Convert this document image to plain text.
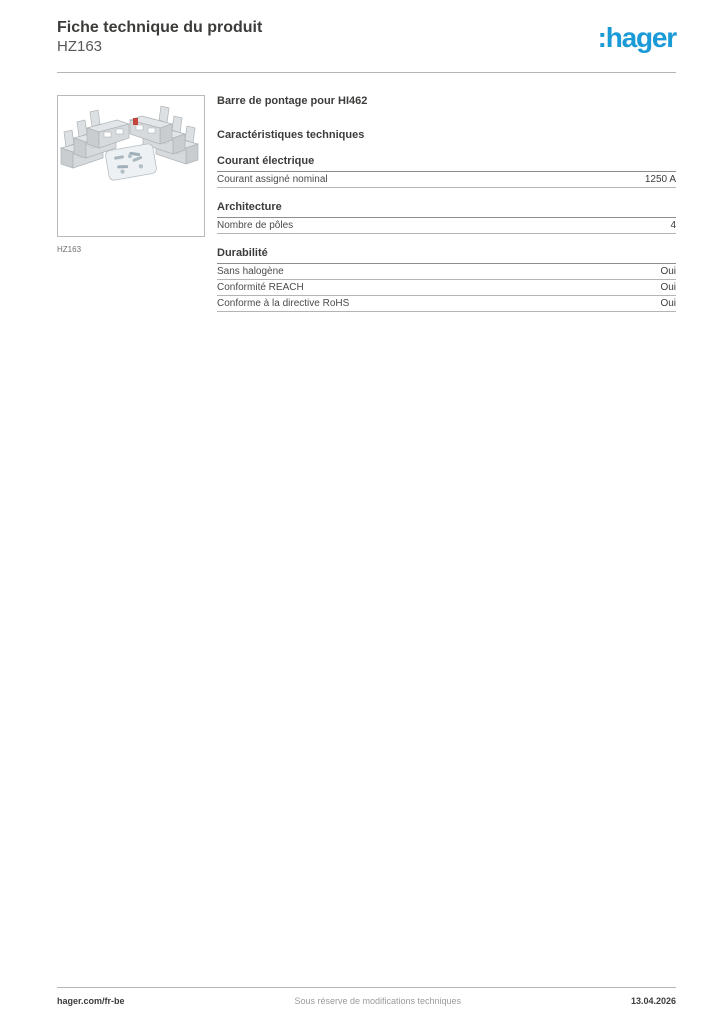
Fiche technique du produit
HZ163	:hager
HZ163
Barre de pontage pour HI462
Caractéristiques techniques
Courant électrique
Courant assigné nominal	1250 A
Architecture
Nombre de pôles	4
Durabilité
Sans halogène	Oui
Conformité REACH	Oui
Conforme à la directive RoHS	Oui
hager.com/fr-be	Sous réserve de modifications techniques	13.04.2026
